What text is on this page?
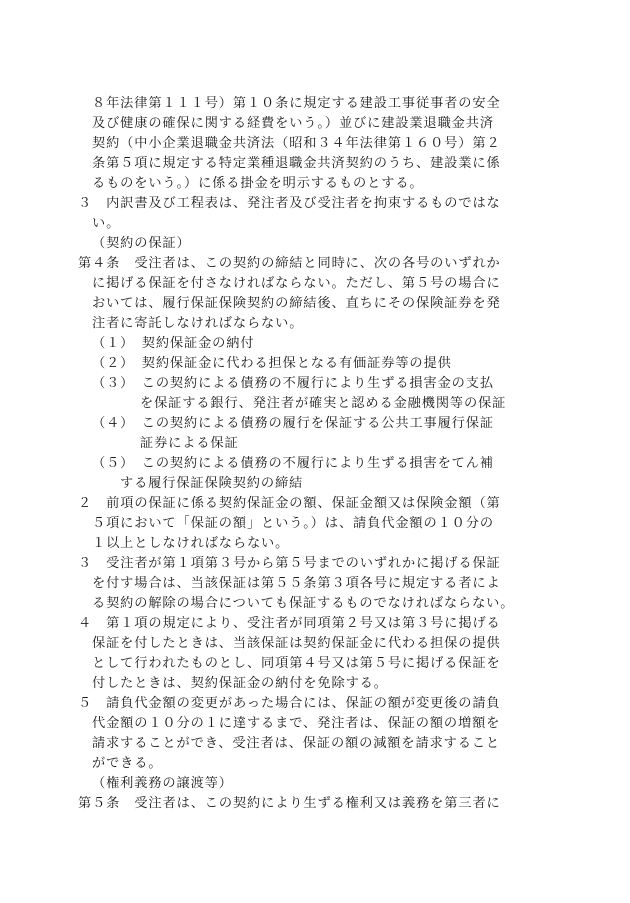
８年法律第１１１号）第１０条に規定する建設工事従事者の安全
及び健康の確保に関する経費をいう。）並びに建設業退職金共済
契約（中小企業退職金共済法（昭和３４年法律第１６０号）第２
条第５項に規定する特定業種退職金共済契約のうち、建設業に係
るものをいう。）に係る掛金を明示するものとする。
３　内訳書及び工程表は、発注者及び受注者を拘束するものではな
い。
（契約の保証）
第４条　受注者は、この契約の締結と同時に、次の各号のいずれか
に掲げる保証を付さなければならない。ただし、第５号の場合に
おいては、履行保証保険契約の締結後、直ちにその保険証券を発
注者に寄託しなければならない。
（１）　契約保証金の納付
（２）　契約保証金に代わる担保となる有価証券等の提供
（３）　この契約による債務の不履行により生ずる損害金の支払
を保証する銀行、発注者が確実と認める金融機関等の保証
（４）　この契約による債務の履行を保証する公共工事履行保証
証券による保証
（５）　この契約による債務の不履行により生ずる損害をてん補
する履行保証保険契約の締結
２　前項の保証に係る契約保証金の額、保証金額又は保険金額（第
５項において「保証の額」という。）は、請負代金額の１０分の
１以上としなければならない。
３　受注者が第１項第３号から第５号までのいずれかに掲げる保証
を付す場合は、当該保証は第５５条第３項各号に規定する者によ
る契約の解除の場合についても保証するものでなければならない。
４　第１項の規定により、受注者が同項第２号又は第３号に掲げる
保証を付したときは、当該保証は契約保証金に代わる担保の提供
として行われたものとし、同項第４号又は第５号に掲げる保証を
付したときは、契約保証金の納付を免除する。
５　請負代金額の変更があった場合には、保証の額が変更後の請負
代金額の１０分の１に達するまで、発注者は、保証の額の増額を
請求することができ、受注者は、保証の額の減額を請求すること
ができる。
（権利義務の譲渡等）
第５条　受注者は、この契約により生ずる権利又は義務を第三者に
